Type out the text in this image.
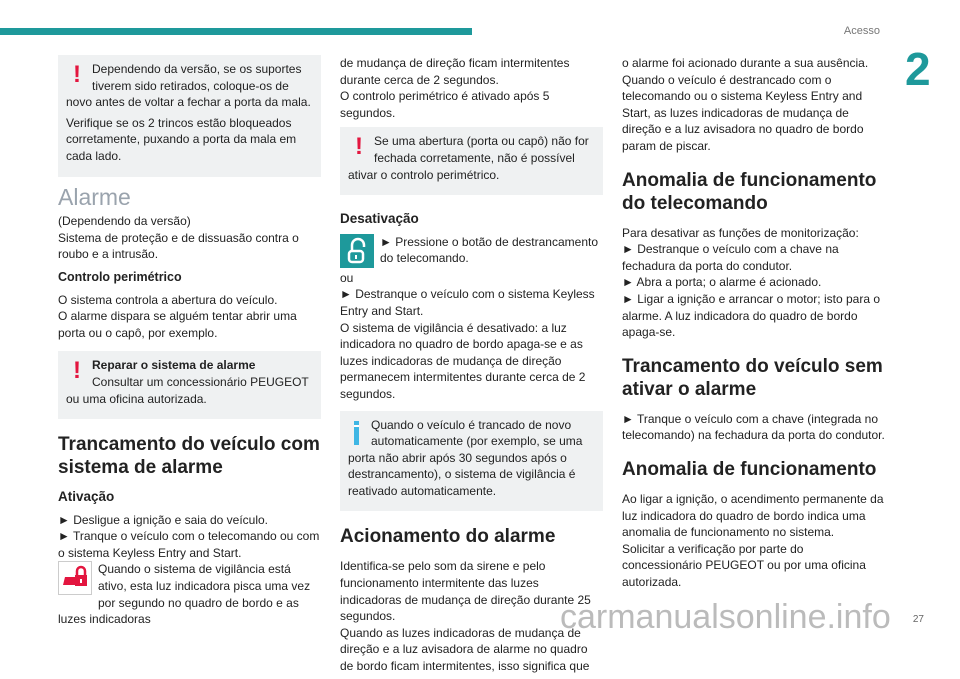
Acesso
2
! Dependendo da versão, se os suportes tiverem sido retirados, coloque-os de novo antes de voltar a fechar a porta da mala.

Verifique se os 2 trincos estão bloqueados corretamente, puxando a porta da mala em cada lado.

Alarme

(Dependendo da versão)

Sistema de proteção e de dissuasão contra o roubo e a intrusão.

Controlo perimétrico

O sistema controla a abertura do veículo.

O alarme dispara se alguém tentar abrir uma porta ou o capô, por exemplo.

! Reparar o sistema de alarme

Consultar um concessionário PEUGEOT ou uma oficina autorizada.

Trancamento do veículo com sistema de alarme
Ativação

► Desligue a ignição e saia do veículo.

► Tranque o veículo com o telecomando ou com o sistema Keyless Entry and Start.

Quando o sistema de vigilância está ativo, esta luz indicadora pisca uma vez por segundo no quadro de bordo e as luzes indicadoras

de mudança de direção ficam intermitentes durante cerca de 2 segundos.

O controlo perimétrico é ativado após 5 segundos.

! Se uma abertura (porta ou capô) não for fechada corretamente, não é possível ativar o controlo perimétrico.

Desativação

► Pressione o botão de destrancamento do telecomando.

ou

► Destranque o veículo com o sistema Keyless Entry and Start.

O sistema de vigilância é desativado: a luz indicadora no quadro de bordo apaga-se e as luzes indicadoras de mudança de direção permanecem intermitentes durante cerca de 2 segundos.

Quando o veículo é trancado de novo automaticamente (por exemplo, se uma porta não abrir após 30 segundos após o destrancamento), o sistema de vigilância é reativado automaticamente.

Acionamento do alarme

Identifica-se pelo som da sirene e pelo funcionamento intermitente das luzes indicadoras de mudança de direção durante 25 segundos.

Quando as luzes indicadoras de mudança de direção e a luz avisadora de alarme no quadro de bordo ficam intermitentes, isso significa que

o alarme foi acionado durante a sua ausência.

Quando o veículo é destrancado com o telecomando ou o sistema Keyless Entry and Start, as luzes indicadoras de mudança de direção e a luz avisadora no quadro de bordo param de piscar.

Anomalia de funcionamento do telecomando

Para desativar as funções de monitorização:

► Destranque o veículo com a chave na fechadura da porta do condutor.

► Abra a porta; o alarme é acionado.

► Ligar a ignição e arrancar o motor; isto para o alarme. A luz indicadora do quadro de bordo apaga-se.

Trancamento do veículo sem ativar o alarme

► Tranque o veículo com a chave (integrada no telecomando) na fechadura da porta do condutor.

Anomalia de funcionamento

Ao ligar a ignição, o acendimento permanente da luz indicadora do quadro de bordo indica uma anomalia de funcionamento no sistema.

Solicitar a verificação por parte do concessionário PEUGEOT ou por uma oficina autorizada.

carmanualsonline.info 27
